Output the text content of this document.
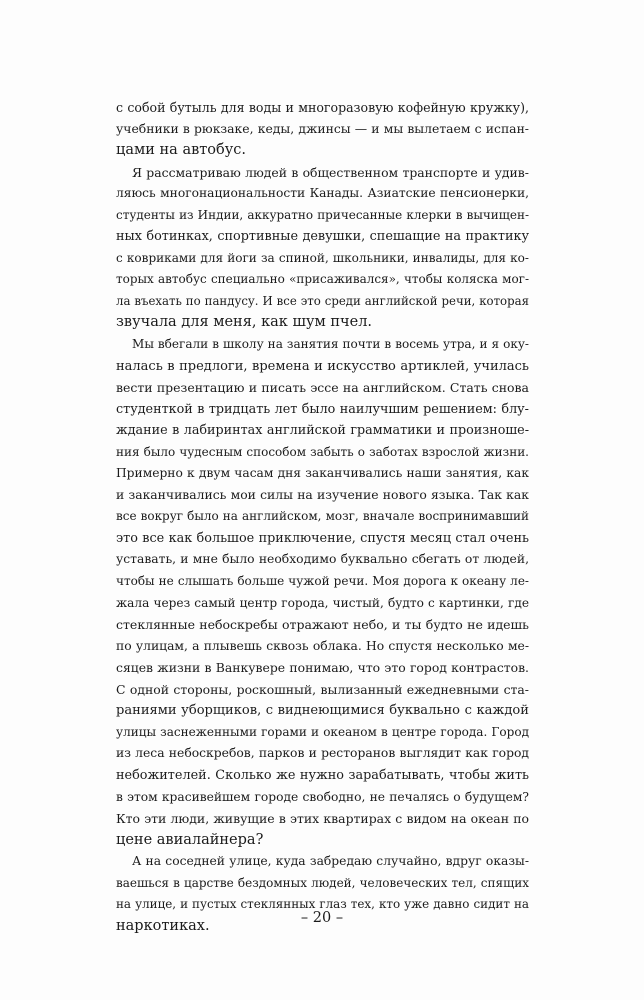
с собой бутыль для воды и многоразовую кофейную кружку),
учебники в рюкзаке, кеды, джинсы — и мы вылетаем с испан-
цами на автобус.
Я рассматриваю людей в общественном транспорте и удив-
ляюсь многонациональности Канады. Азиатские пенсионерки,
студенты из Индии, аккуратно причесанные клерки в вычищен-
ных ботинках, спортивные девушки, спешащие на практику
с ковриками для йоги за спиной, школьники, инвалиды, для ко-
торых автобус специально «присаживался», чтобы коляска мог-
ла въехать по пандусу. И все это среди английской речи, которая
звучала для меня, как шум пчел.
Мы вбегали в школу на занятия почти в восемь утра, и я оку-
налась в предлоги, времена и искусство артиклей, училась
вести презентацию и писать эссе на английском. Стать снова
студенткой в тридцать лет было наилучшим решением: блу-
ждание в лабиринтах английской грамматики и произноше-
ния было чудесным способом забыть о заботах взрослой жизни.
Примерно к двум часам дня заканчивались наши занятия, как
и заканчивались мои силы на изучение нового языка. Так как
все вокруг было на английском, мозг, вначале воспринимавший
это все как большое приключение, спустя месяц стал очень
уставать, и мне было необходимо буквально сбегать от людей,
чтобы не слышать больше чужой речи. Моя дорога к океану ле-
жала через самый центр города, чистый, будто с картинки, где
стеклянные небоскребы отражают небо, и ты будто не идешь
по улицам, а плывешь сквозь облака. Но спустя несколько ме-
сяцев жизни в Ванкувере понимаю, что это город контрастов.
С одной стороны, роскошный, вылизанный ежедневными ста-
раниями уборщиков, с виднеющимися буквально с каждой
улицы заснеженными горами и океаном в центре города. Город
из леса небоскребов, парков и ресторанов выглядит как город
небожителей. Сколько же нужно зарабатывать, чтобы жить
в этом красивейшем городе свободно, не печалясь о будущем?
Кто эти люди, живущие в этих квартирах с видом на океан по
цене авиалайнера?
А на соседней улице, куда забредаю случайно, вдруг оказы-
ваешься в царстве бездомных людей, человеческих тел, спящих
на улице, и пустых стеклянных глаз тех, кто уже давно сидит на
наркотиках.	– 20 –
